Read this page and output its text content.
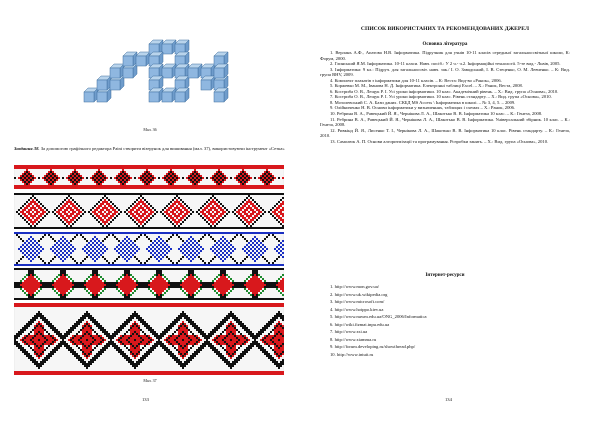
Мал. 36
Завдання 38. За допомогою графічного редактора Paint створити візерунок для вишивання (мал. 37), використовуючи інструмент «Сетка»
Мал. 37
133
СПИСОК ВИКОРИСТАНИХ ТА РЕКОМЕНДОВАНИХ ДЖЕРЕЛ
Основна література
1. Верлань А.Ф., Апатова Н.В. Інформатика. Підручник для учнів 10-11 класів середньої загальноосвітньої школи, К: Форум, 2000.
2. Глинський Я.М. Інформатика. 10-11 класи. Навч. посіб.: У 2 ч.- ч.2. Інформаційні технології. 5-те вид.- Львів, 2005.
3. Інформатика: 9 кл.: Підруч. для загальноосвіт. навч. зак./ І. О. Завадський, І. В. Стеценко, О. М. Левченко. – К: Вид. група BHV, 2009.
4. Комплект плакатів з інформатики для 10-11 класів. – К: Веста: Вид-во «Ранок», 2006.
5. Коржевко М. М., Іванова Н. Д. Інформатика. Електронні таблиці Excel. – Х.: Ранок, Веста, 2008.
6. Костриба О. В., Лещук Р. І. Усі уроки інформатики. 10 клас. Академічний рівень. – Х.: Вид. група «Основа», 2010.
7. Костриба О. В., Лещук Р. І. Усі уроки інформатики. 10 клас. Рівень стандарту. – Х.: Вид. група «Основа», 2010.
8. Мозолевський С. А. Бази даних. СКБД MS Access \ Інформатика в школі. – № 3, 4, 5. – 2009.
9. Олійниченко Н. В. Основи інформатики у визначеннях, таблицях і схемах – Х.: Ранок, 2006.
10. Ребрина В. А., Равецький Й. Я., Чернікова Л. А., Шакотько В. В. Інформатика 10 клас. – К.: Генеза, 2008.
11. Ребрина В. А., Равецький Й. Я., Чернікова Л. А., Шакотько В. В. Інформатика. Універсальний збірник. 10 клас. – К.: Генеза, 2008.
12. Ривкінд Й. Я., Лисенко Т. І., Чернікова Л. А., Шакотько В. В. Інформатика 10 клас. Рівень стандарту. – К.: Генеза, 2010.
13. Самолюк А. П. Основи алгоритмізації та програмування. Розробки занять. – Х.: Вид. група «Основа», 2010.
Інтернет-ресурси
1. http://www.mon.gov.ua/
2. http://www.uk.wikipedia.org
3. http://www.microsoft.com/
4. http://www.hotppo.kiev.ua
5. http://www.nuwm.edu.ua/ONG_2006/Informatica
6. http://wiki.fizmat.tnpu.edu.ua
7. http://www.xsi.ua
8. http://www.xiamma.ru
9. http://forum.developing.ru/showthread.php/
10. http://www.intuit.ru
134
